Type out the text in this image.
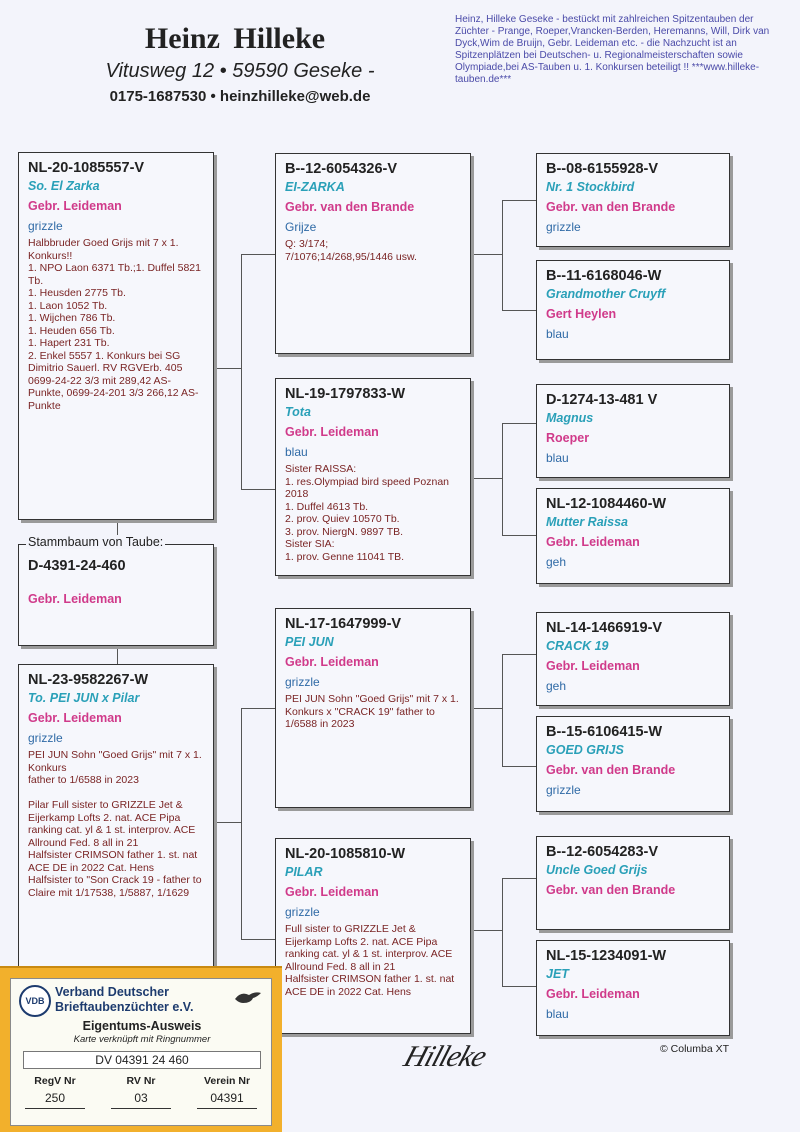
Heinz Hilleke
Vitusweg 12 • 59590 Geseke -
0175-1687530 • heinzhilleke@web.de
Heinz, Hilleke Geseke - bestückt mit zahlreichen Spitzentauben der Züchter - Prange, Roeper,Vrancken-Berden, Heremanns, Will, Dirk van Dyck,Wim de Bruijn, Gebr. Leideman etc. - die Nachzucht ist an Spitzenplätzen bei Deutschen- u. Regionalmeisterschaften sowie Olympiade,bei AS-Tauben u. 1. Konkursen beteiligt !! ***www.hilleke-tauben.de***
NL-20-1085557-V
So. El Zarka
Gebr. Leideman
grizzle
Halbbruder Goed Grijs mit 7 x 1. Konkurs!!
1. NPO Laon 6371 Tb.;1. Duffel 5821 Tb.
1. Heusden 2775 Tb.
1. Laon 1052 Tb.
1. Wijchen 786 Tb.
1. Heuden 656 Tb.
1. Hapert 231 Tb.
2. Enkel 5557 1. Konkurs bei SG Dimitrio Sauerl. RV RGVErb. 405
0699-24-22 3/3 mit 289,42 AS-Punkte, 0699-24-201 3/3 266,12 AS-Punkte
D-4391-24-460
Gebr. Leideman
Stammbaum von Taube:
NL-23-9582267-W
To. PEI JUN x Pilar
Gebr. Leideman
grizzle
PEI JUN Sohn "Goed Grijs" mit 7 x 1. Konkurs
father to 1/6588 in 2023

Pilar Full sister to GRIZZLE Jet & Eijerkamp Lofts 2. nat. ACE Pipa ranking cat. yl & 1 st. interprov. ACE Allround Fed. 8 all in 21
Halfsister CRIMSON father 1. st. nat ACE DE in 2022 Cat. Hens
Halfsister to "Son Crack 19 - father to Claire mit 1/17538, 1/5887, 1/1629
B--12-6054326-V
EI-ZARKA
Gebr. van den Brande
Grijze
Q: 3/174;
7/1076;14/268,95/1446 usw.
NL-19-1797833-W
Tota
Gebr. Leideman
blau
Sister RAISSA:
1. res.Olympiad bird speed Poznan 2018
1. Duffel 4613 Tb.
2. prov. Quiev 10570 Tb.
3. prov. NiergN. 9897 TB.
Sister SIA:
1. prov. Genne 11041 TB.
NL-17-1647999-V
PEI JUN
Gebr. Leideman
grizzle
PEI JUN Sohn "Goed Grijs" mit 7 x 1. Konkurs x "CRACK 19" father to 1/6588 in 2023
NL-20-1085810-W
PILAR
Gebr. Leideman
grizzle
Full sister to GRIZZLE Jet & Eijerkamp Lofts 2. nat. ACE Pipa ranking cat. yl & 1 st. interprov. ACE Allround Fed. 8 all in 21
Halfsister CRIMSON father 1. st. nat ACE DE in 2022 Cat. Hens
B--08-6155928-V
Nr. 1 Stockbird
Gebr. van den Brande
grizzle
B--11-6168046-W
Grandmother Cruyff
Gert Heylen
blau
D-1274-13-481 V
Magnus
Roeper
blau
NL-12-1084460-W
Mutter Raissa
Gebr. Leideman
geh
NL-14-1466919-V
CRACK 19
Gebr. Leideman
geh
B--15-6106415-W
GOED GRIJS
Gebr. van den Brande
grizzle
B--12-6054283-V
Uncle Goed Grijs
Gebr. van den Brande
NL-15-1234091-W
JET
Gebr. Leideman
blau
Hilleke	© Columba XT
VDB
Verband Deutscher Brieftaubenzüchter e.V.
Eigentums-Ausweis
Karte verknüpft mit Ringnummer
DV 04391 24 460
RegV Nr	RV Nr	Verein Nr
250	03	04391
